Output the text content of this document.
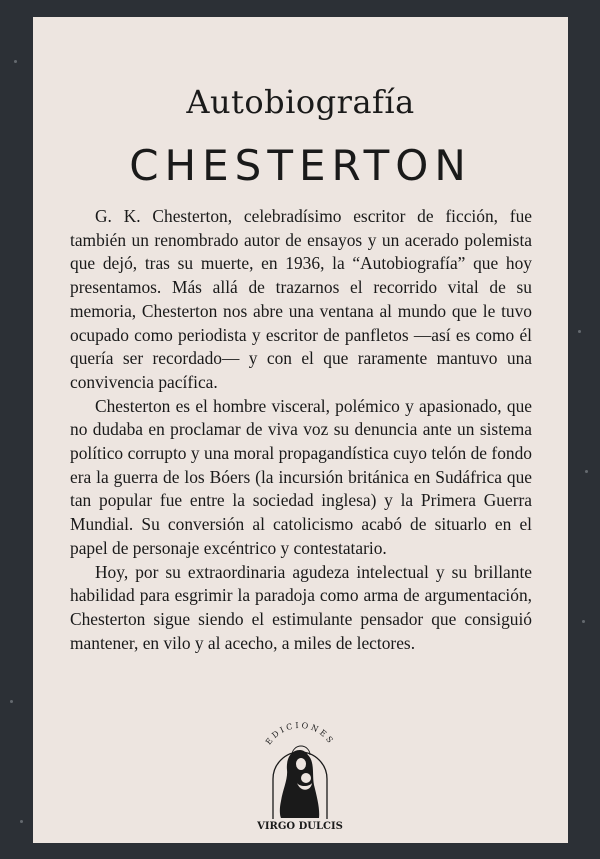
Autobiografía
CHESTERTON

G. K. Chesterton, celebradísimo escritor de ficción, fue también un renombrado autor de ensayos y un acerado polemista que dejó, tras su muerte, en 1936, la “Autobiografía” que hoy presentamos. Más allá de trazarnos el recorrido vital de su memoria, Chesterton nos abre una ventana al mundo que le tuvo ocupado como periodista y escritor de panfletos —así es como él quería ser recordado— y con el que raramente mantuvo una convivencia pacífica.

Chesterton es el hombre visceral, polémico y apasionado, que no dudaba en proclamar de viva voz su denuncia ante un sistema político corrupto y una moral propagandística cuyo telón de fondo era la guerra de los Bóers (la incursión británica en Sudáfrica que tan popular fue entre la sociedad inglesa) y la Primera Guerra Mundial. Su conversión al catolicismo acabó de situarlo en el papel de personaje excéntrico y contestatario.

Hoy, por su extraordinaria agudeza intelectual y su brillante habilidad para esgrimir la paradoja como arma de argumentación, Chesterton sigue siendo el estimulante pensador que consiguió mantener, en vilo y al acecho, a miles de lectores.

EDICIONES
VIRGO DULCIS
